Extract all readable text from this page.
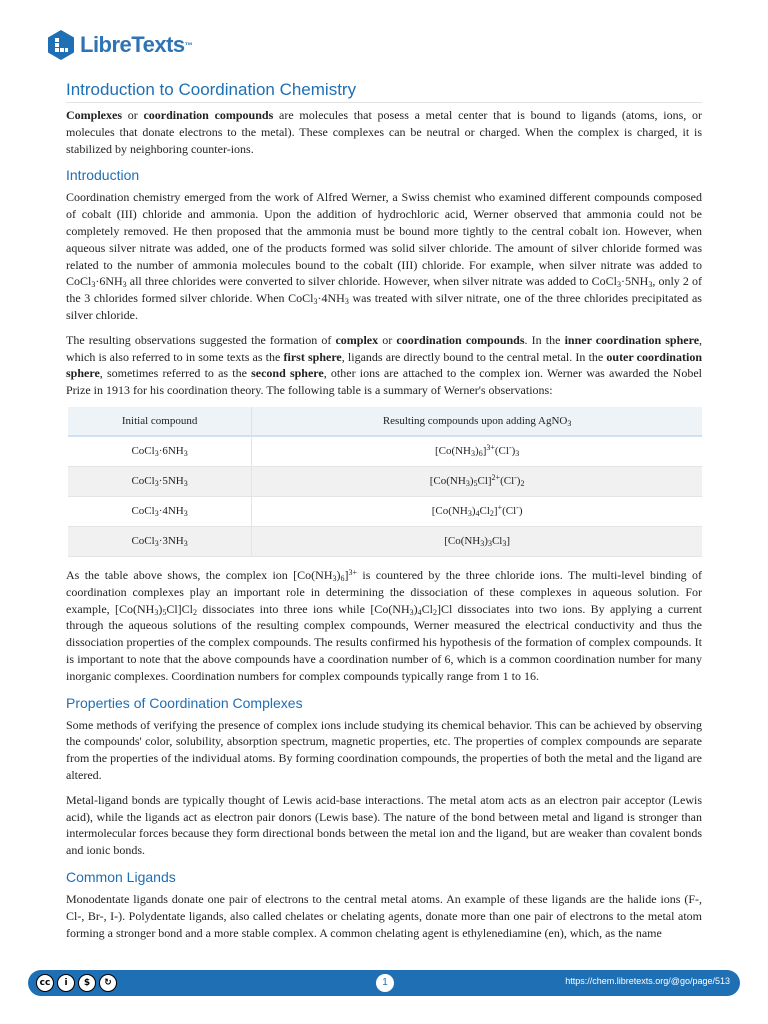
LibreTexts™
Introduction to Coordination Chemistry

Complexes or coordination compounds are molecules that posess a metal center that is bound to ligands (atoms, ions, or molecules that donate electrons to the metal). These complexes can be neutral or charged. When the complex is charged, it is stabilized by neighboring counter-ions.

Introduction

Coordination chemistry emerged from the work of Alfred Werner, a Swiss chemist who examined different compounds composed of cobalt (III) chloride and ammonia. Upon the addition of hydrochloric acid, Werner observed that ammonia could not be completely removed. He then proposed that the ammonia must be bound more tightly to the central cobalt ion. However, when aqueous silver nitrate was added, one of the products formed was solid silver chloride. The amount of silver chloride formed was related to the number of ammonia molecules bound to the cobalt (III) chloride. For example, when silver nitrate was added to $CoCl_3\cdot 6NH_3$ all three chlorides were converted to silver chloride. However, when silver nitrate was added to $CoCl_3\cdot 5NH_3$, only 2 of the 3 chlorides formed silver chloride. When $CoCl_3\cdot 4NH_3$ was treated with silver nitrate, one of the three chlorides precipitated as silver chloride.

The resulting observations suggested the formation of complex or coordination compounds. In the inner coordination sphere, which is also referred to in some texts as the first sphere, ligands are directly bound to the central metal. In the outer coordination sphere, sometimes referred to as the second sphere, other ions are attached to the complex ion. Werner was awarded the Nobel Prize in 1913 for his coordination theory. The following table is a summary of Werner's observations:

Initial compound	Resulting compounds upon adding AgNO$_3$
$CoCl_3\cdot 6NH_3$	$[Co(NH_3)_6]^{3+}(Cl^-)_3$
$CoCl_3\cdot 5NH_3$	$[Co(NH_3)_5Cl]^{2+}(Cl^-)_2$
$CoCl_3\cdot 4NH_3$	$[Co(NH_3)_4Cl_2]^+(Cl^-)$
$CoCl_3\cdot 3NH_3$	$[Co(NH_3)_3Cl_3]$

As the table above shows, the complex ion $[Co(NH_3)_6]^{3+}$ is countered by the three chloride ions. The multi-level binding of coordination complexes play an important role in determining the dissociation of these complexes in aqueous solution. For example, $[Co(NH_3)_5Cl]Cl_2$ dissociates into three ions while $[Co(NH_3)_4Cl_2]Cl$ dissociates into two ions. By applying a current through the aqueous solutions of the resulting complex compounds, Werner measured the electrical conductivity and thus the dissociation properties of the complex compounds. The results confirmed his hypothesis of the formation of complex compounds. It is important to note that the above compounds have a coordination number of 6, which is a common coordination number for many inorganic complexes. Coordination numbers for complex compounds typically range from 1 to 16.

Properties of Coordination Complexes

Some methods of verifying the presence of complex ions include studying its chemical behavior. This can be achieved by observing the compounds' color, solubility, absorption spectrum, magnetic properties, etc. The properties of complex compounds are separate from the properties of the individual atoms. By forming coordination compounds, the properties of both the metal and the ligand are altered.

Metal-ligand bonds are typically thought of Lewis acid-base interactions. The metal atom acts as an electron pair acceptor (Lewis acid), while the ligands act as electron pair donors (Lewis base). The nature of the bond between metal and ligand is stronger than intermolecular forces because they form directional bonds between the metal ion and the ligand, but are weaker than covalent bonds and ionic bonds.

Common Ligands

Monodentate ligands donate one pair of electrons to the central metal atoms. An example of these ligands are the halide ions (F-, Cl-, Br-, I-). Polydentate ligands, also called chelates or chelating agents, donate more than one pair of electrons to the metal atom forming a stronger bond and a more stable complex. A common chelating agent is ethylenediamine (en), which, as the name

cc	i	$	↻	1	https://chem.libretexts.org/@go/page/513
